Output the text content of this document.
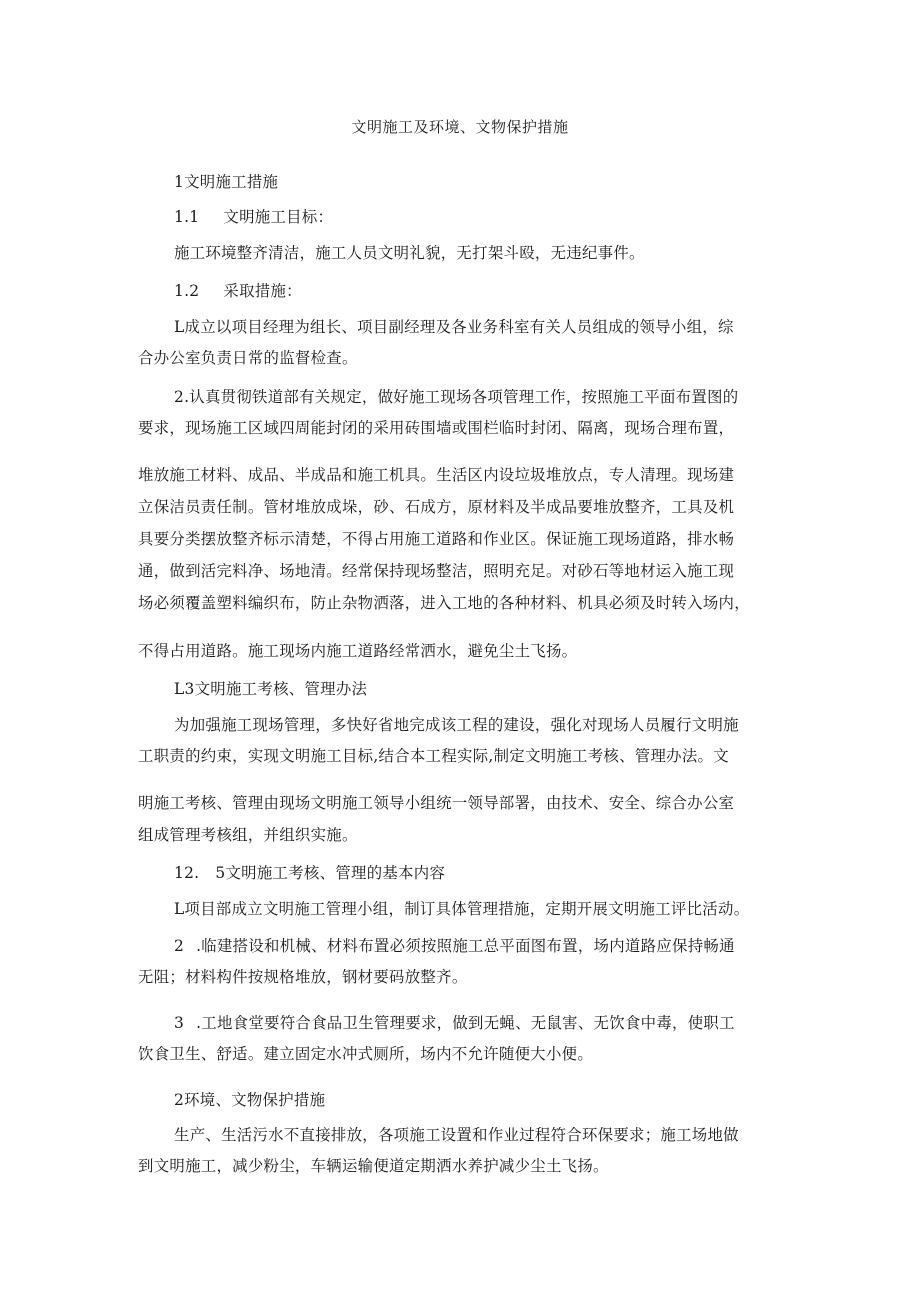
文明施工及环境、文物保护措施
1文明施工措施
1.1 文明施工目标：
施工环境整齐清洁，施工人员文明礼貌，无打架斗殴，无违纪事件。
1.2 采取措施：
L成立以项目经理为组长、项目副经理及各业务科室有关人员组成的领导小组，综
合办公室负责日常的监督检查。
2.认真贯彻铁道部有关规定，做好施工现场各项管理工作，按照施工平面布置图的
要求，现场施工区域四周能封闭的采用砖围墙或围栏临时封闭、隔离，现场合理布置，
堆放施工材料、成品、半成品和施工机具。生活区内设垃圾堆放点，专人清理。现场建
立保洁员责任制。管材堆放成垛，砂、石成方，原材料及半成品要堆放整齐，工具及机
具要分类摆放整齐标示清楚，不得占用施工道路和作业区。保证施工现场道路，排水畅
通，做到活完料净、场地清。经常保持现场整洁，照明充足。对砂石等地材运入施工现
场必须覆盖塑料编织布，防止杂物洒落，进入工地的各种材料、机具必须及时转入场内，
不得占用道路。施工现场内施工道路经常洒水，避免尘土飞扬。
L3文明施工考核、管理办法
为加强施工现场管理，多快好省地完成该工程的建设，强化对现场人员履行文明施
工职责的约束，实现文明施工目标,结合本工程实际,制定文明施工考核、管理办法。文
明施工考核、管理由现场文明施工领导小组统一领导部署，由技术、安全、综合办公室
组成管理考核组，并组织实施。
12. 5文明施工考核、管理的基本内容
L项目部成立文明施工管理小组，制订具体管理措施，定期开展文明施工评比活动。
2 .临建搭设和机械、材料布置必须按照施工总平面图布置，场内道路应保持畅通
无阻；材料构件按规格堆放，钢材要码放整齐。
3 .工地食堂要符合食品卫生管理要求，做到无蝇、无鼠害、无饮食中毒，使职工
饮食卫生、舒适。建立固定水冲式厕所，场内不允许随便大小便。
2环境、文物保护措施
生产、生活污水不直接排放，各项施工设置和作业过程符合环保要求；施工场地做
到文明施工，减少粉尘，车辆运输便道定期洒水养护减少尘土飞扬。
